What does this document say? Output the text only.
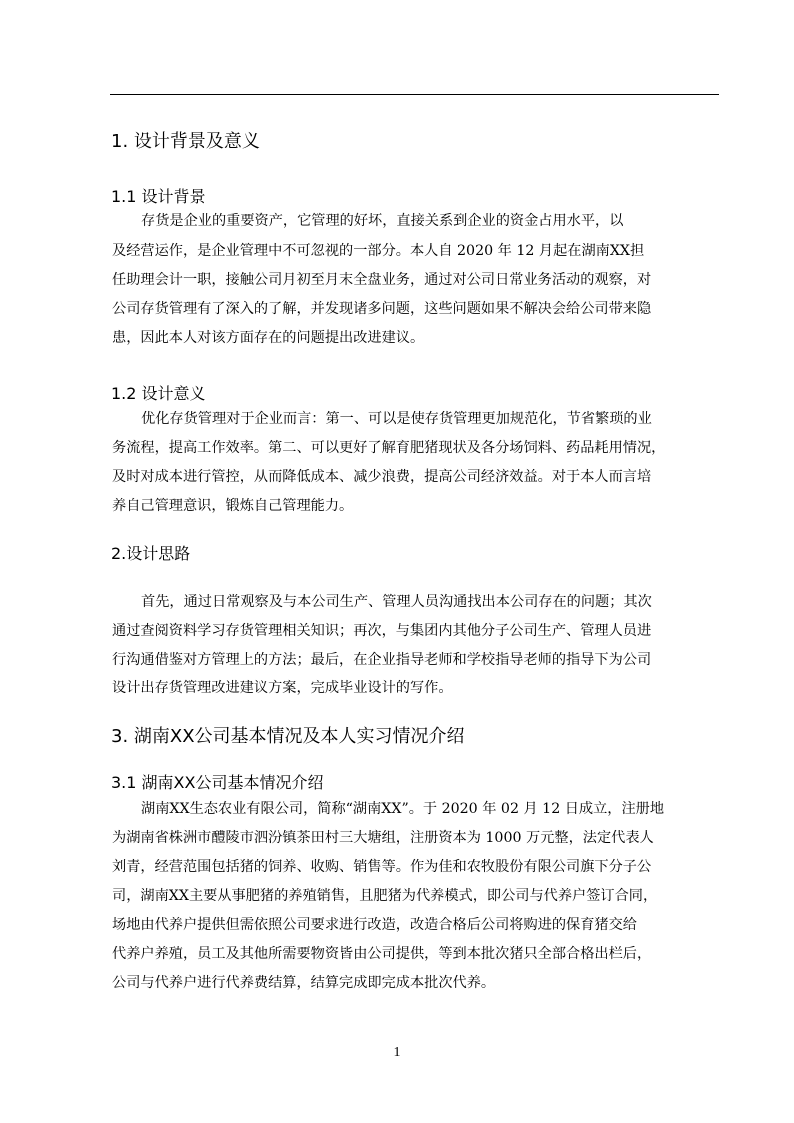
1. 设计背景及意义
1.1 设计背景
存货是企业的重要资产，它管理的好坏，直接关系到企业的资金占用水平，以
及经营运作，是企业管理中不可忽视的一部分。本人自 2020 年 12 月起在湖南XX担
任助理会计一职，接触公司月初至月末全盘业务，通过对公司日常业务活动的观察，对
公司存货管理有了深入的了解，并发现诸多问题，这些问题如果不解决会给公司带来隐
患，因此本人对该方面存在的问题提出改进建议。
1.2 设计意义
优化存货管理对于企业而言：第一、可以是使存货管理更加规范化，节省繁琐的业
务流程，提高工作效率。第二、可以更好了解育肥猪现状及各分场饲料、药品耗用情况，
及时对成本进行管控，从而降低成本、减少浪费，提高公司经济效益。对于本人而言培
养自己管理意识，锻炼自己管理能力。
2.设计思路
首先，通过日常观察及与本公司生产、管理人员沟通找出本公司存在的问题；其次
通过查阅资料学习存货管理相关知识；再次，与集团内其他分子公司生产、管理人员进
行沟通借鉴对方管理上的方法；最后，在企业指导老师和学校指导老师的指导下为公司
设计出存货管理改进建议方案，完成毕业设计的写作。
3. 湖南XX公司基本情况及本人实习情况介绍
3.1 湖南XX公司基本情况介绍
湖南XX生态农业有限公司，简称“湖南XX”。于 2020 年 02 月 12 日成立，注册地
为湖南省株洲市醴陵市泗汾镇茶田村三大塘组，注册资本为 1000 万元整，法定代表人
刘青，经营范围包括猪的饲养、收购、销售等。作为佳和农牧股份有限公司旗下分子公
司，湖南XX主要从事肥猪的养殖销售，且肥猪为代养模式，即公司与代养户签订合同，
场地由代养户提供但需依照公司要求进行改造，改造合格后公司将购进的保育猪交给
代养户养殖，员工及其他所需要物资皆由公司提供，等到本批次猪只全部合格出栏后，
公司与代养户进行代养费结算，结算完成即完成本批次代养。
1
